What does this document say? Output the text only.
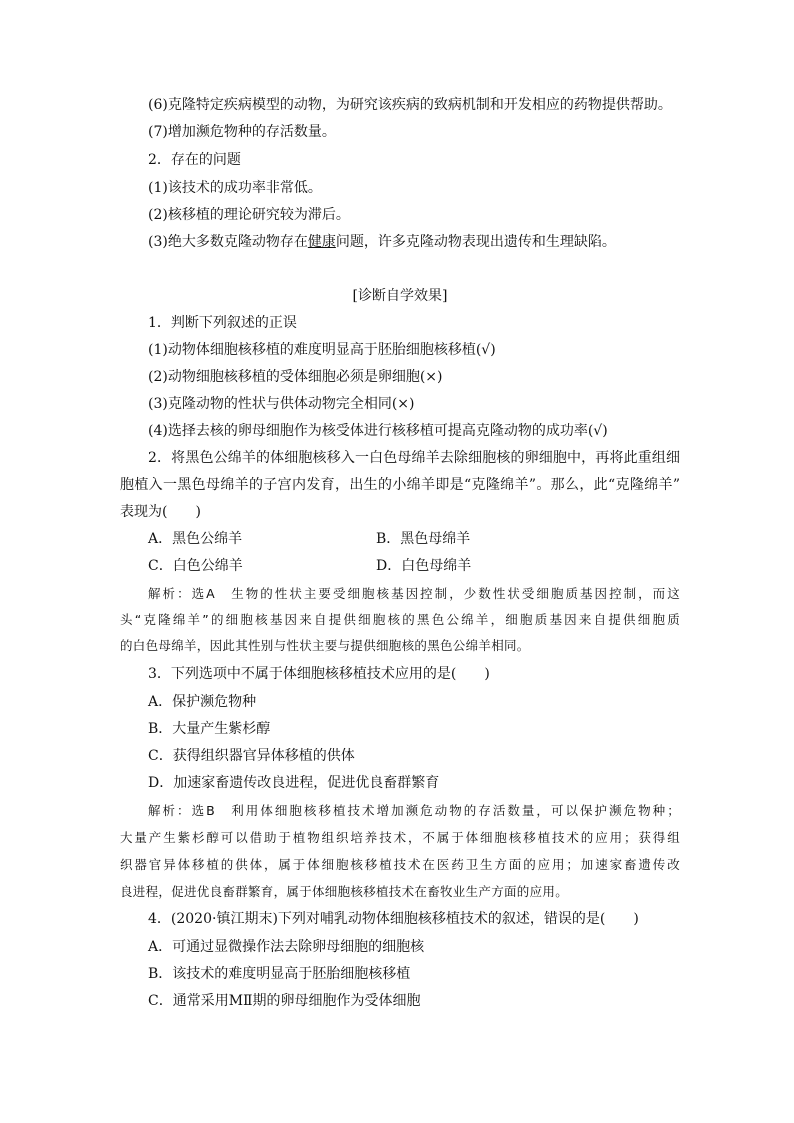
(6)克隆特定疾病模型的动物，为研究该疾病的致病机制和开发相应的药物提供帮助。
(7)增加濒危物种的存活数量。
2．存在的问题
(1)该技术的成功率非常低。
(2)核移植的理论研究较为滞后。
(3)绝大多数克隆动物存在健康问题，许多克隆动物表现出遗传和生理缺陷。
[诊断自学效果]
1．判断下列叙述的正误
(1)动物体细胞核移植的难度明显高于胚胎细胞核移植(√)
(2)动物细胞核移植的受体细胞必须是卵细胞(×)
(3)克隆动物的性状与供体动物完全相同(×)
(4)选择去核的卵母细胞作为核受体进行核移植可提高克隆动物的成功率(√)
2．将黑色公绵羊的体细胞核移入一白色母绵羊去除细胞核的卵细胞中，再将此重组细
胞植入一黑色母绵羊的子宫内发育，出生的小绵羊即是“克隆绵羊”。那么，此“克隆绵羊”
表现为(　　)
A．黑色公绵羊	B．黑色母绵羊
C．白色公绵羊	D．白色母绵羊
解析：选A　生物的性状主要受细胞核基因控制，少数性状受细胞质基因控制，而这
头“克隆绵羊”的细胞核基因来自提供细胞核的黑色公绵羊，细胞质基因来自提供细胞质
的白色母绵羊，因此其性别与性状主要与提供细胞核的黑色公绵羊相同。
3．下列选项中不属于体细胞核移植技术应用的是(　　)
A．保护濒危物种
B．大量产生紫杉醇
C．获得组织器官异体移植的供体
D．加速家畜遗传改良进程，促进优良畜群繁育
解析：选B　利用体细胞核移植技术增加濒危动物的存活数量，可以保护濒危物种；
大量产生紫杉醇可以借助于植物组织培养技术，不属于体细胞核移植技术的应用；获得组
织器官异体移植的供体，属于体细胞核移植技术在医药卫生方面的应用；加速家畜遗传改
良进程，促进优良畜群繁育，属于体细胞核移植技术在畜牧业生产方面的应用。
4．(2020·镇江期末)下列对哺乳动物体细胞核移植技术的叙述，错误的是(　　)
A．可通过显微操作法去除卵母细胞的细胞核
B．该技术的难度明显高于胚胎细胞核移植
C．通常采用MⅡ期的卵母细胞作为受体细胞
